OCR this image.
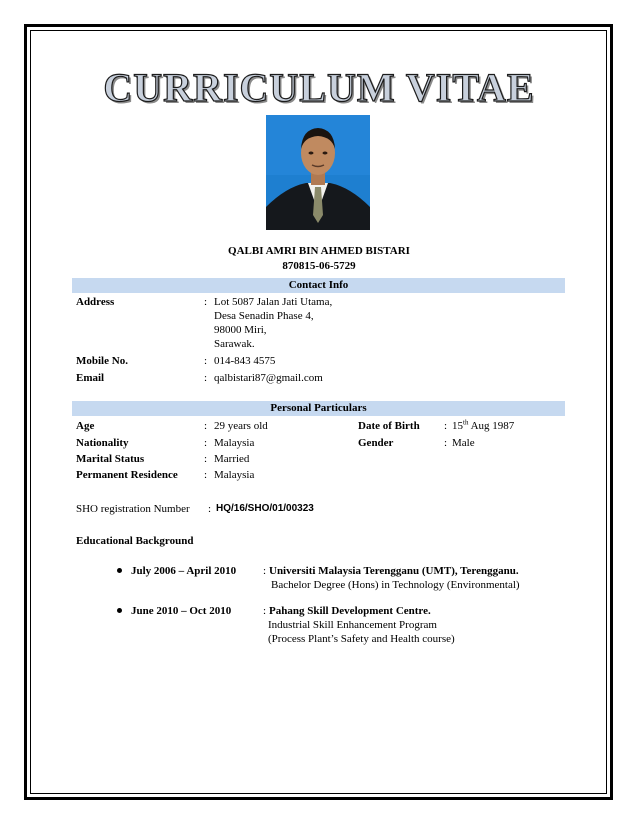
CURRICULUM VITAE
QALBI AMRI BIN AHMED BISTARI
870815-06-5729
Contact Info
Address	: Lot 5087 Jalan Jati Utama,
Desa Senadin Phase 4,
98000 Miri,
Sarawak.
Mobile No.	: 014-843 4575
Email	: qalbistari87@gmail.com
Personal Particulars
Age	: 29 years old	Date of Birth : 15th Aug 1987
Nationality	: Malaysia	Gender	: Male
Marital Status	: Married
Permanent Residence : Malaysia
SHO registration Number : HQ/16/SHO/01/00323
Educational Background
July 2006 – April 2010 : Universiti Malaysia Terengganu (UMT), Terengganu.
Bachelor Degree (Hons) in Technology (Environmental)
June 2010 – Oct 2010	: Pahang Skill Development Centre.
Industrial Skill Enhancement Program
(Process Plant’s Safety and Health course)
